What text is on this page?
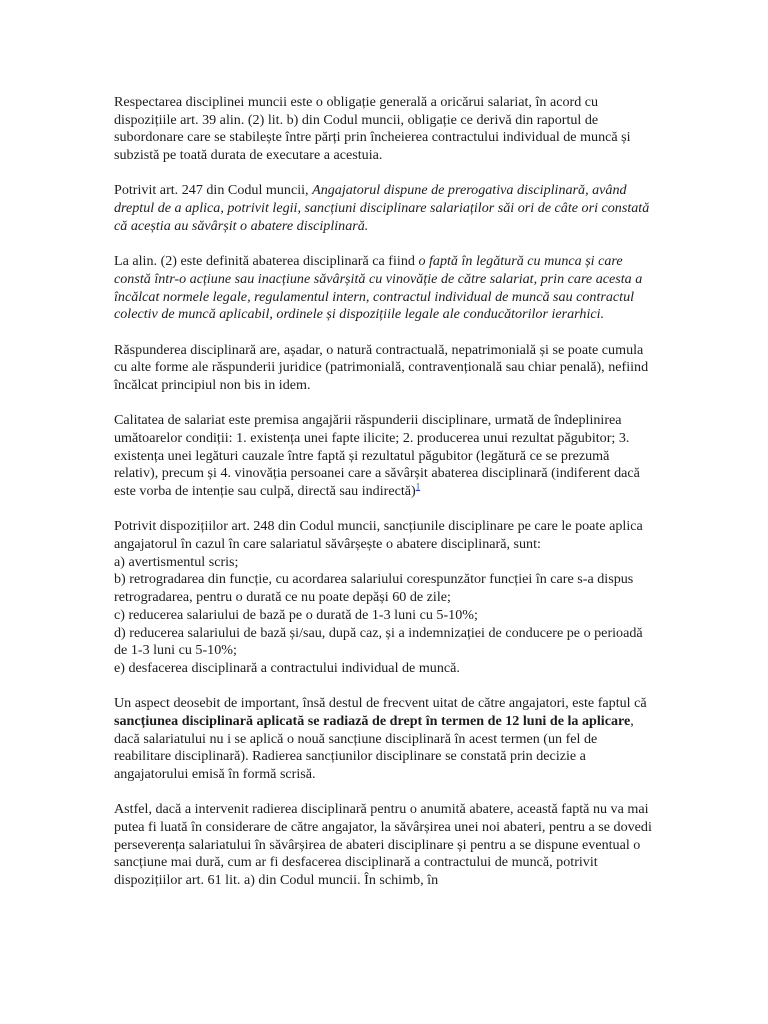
Respectarea disciplinei muncii este o obligație generală a oricărui salariat, în acord cu dispozițiile art. 39 alin. (2) lit. b) din Codul muncii, obligație ce derivă din raportul de subordonare care se stabilește între părți prin încheierea contractului individual de muncă și subzistă pe toată durata de executare a acestuia.

Potrivit art. 247 din Codul muncii, Angajatorul dispune de prerogativa disciplinară, având dreptul de a aplica, potrivit legii, sancțiuni disciplinare salariaților săi ori de câte ori constată că aceștia au săvârșit o abatere disciplinară.

La alin. (2) este definită abaterea disciplinară ca fiind o faptă în legătură cu munca și care constă într-o acțiune sau inacțiune săvârșită cu vinovăție de către salariat, prin care acesta a încălcat normele legale, regulamentul intern, contractul individual de muncă sau contractul colectiv de muncă aplicabil, ordinele și dispozițiile legale ale conducătorilor ierarhici.

Răspunderea disciplinară are, așadar, o natură contractuală, nepatrimonială și se poate cumula cu alte forme ale răspunderii juridice (patrimonială, contravențională sau chiar penală), nefiind încălcat principiul non bis in idem.

Calitatea de salariat este premisa angajării răspunderii disciplinare, urmată de îndeplinirea umătoarelor condiții: 1. existența unei fapte ilicite; 2. producerea unui rezultat păgubitor; 3. existența unei legături cauzale între faptă și rezultatul păgubitor (legătură ce se prezumă relativ), precum și 4. vinovăția persoanei care a săvârșit abaterea disciplinară (indiferent dacă este vorba de intenție sau culpă, directă sau indirectă)$^1$

Potrivit dispozițiilor art. 248 din Codul muncii, sancțiunile disciplinare pe care le poate aplica angajatorul în cazul în care salariatul săvârșește o abatere disciplinară, sunt:
a) avertismentul scris;
b) retrogradarea din funcție, cu acordarea salariului corespunzător funcției în care s-a dispus retrogradarea, pentru o durată ce nu poate depăși 60 de zile;
c) reducerea salariului de bază pe o durată de 1-3 luni cu 5-10%;
d) reducerea salariului de bază și/sau, după caz, și a indemnizației de conducere pe o perioadă de 1-3 luni cu 5-10%;
e) desfacerea disciplinară a contractului individual de muncă.

Un aspect deosebit de important, însă destul de frecvent uitat de către angajatori, este faptul că sancțiunea disciplinară aplicată se radiază de drept în termen de 12 luni de la aplicare, dacă salariatului nu i se aplică o nouă sancțiune disciplinară în acest termen (un fel de reabilitare disciplinară). Radierea sancțiunilor disciplinare se constată prin decizie a angajatorului emisă în formă scrisă.

Astfel, dacă a intervenit radierea disciplinară pentru o anumită abatere, această faptă nu va mai putea fi luată în considerare de către angajator, la săvârșirea unei noi abateri, pentru a se dovedi perseverența salariatului în săvârșirea de abateri disciplinare și pentru a se dispune eventual o sancțiune mai dură, cum ar fi desfacerea disciplinară a contractului de muncă, potrivit dispozițiilor art. 61 lit. a) din Codul muncii. În schimb, în
